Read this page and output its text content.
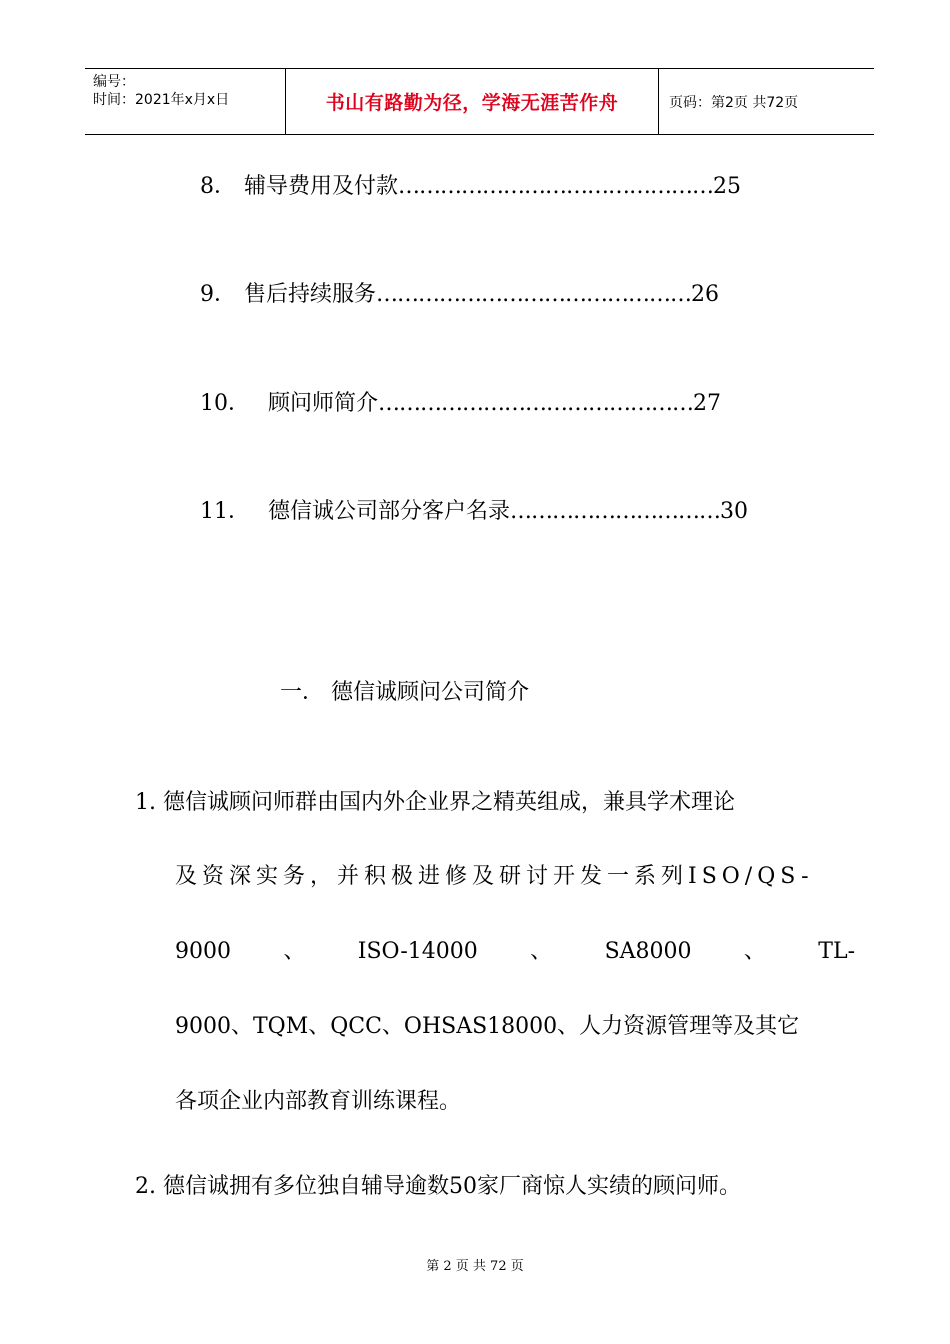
编号：
时间：2021年x月x日	书山有路勤为径，学海无涯苦作舟	页码：第2页 共72页
8． 辅导费用及付款………………………………………25
9． 售后持续服务………………………………………26
10． 顾问师简介………………………………………27
11． 德信诚公司部分客户名录…………………………30
一． 德信诚顾问公司简介
1. 德信诚顾问师群由国内外企业界之精英组成，兼具学术理论
及资深实务，并积极进修及研讨开发一系列ISO/QS-
9000 、 ISO-14000 、 SA8000 、 TL-
9000、TQM、QCC、OHSAS18000、人力资源管理等及其它
各项企业内部教育训练课程。
2. 德信诚拥有多位独自辅导逾数50家厂商惊人实绩的顾问师。
第 2 页 共 72 页
